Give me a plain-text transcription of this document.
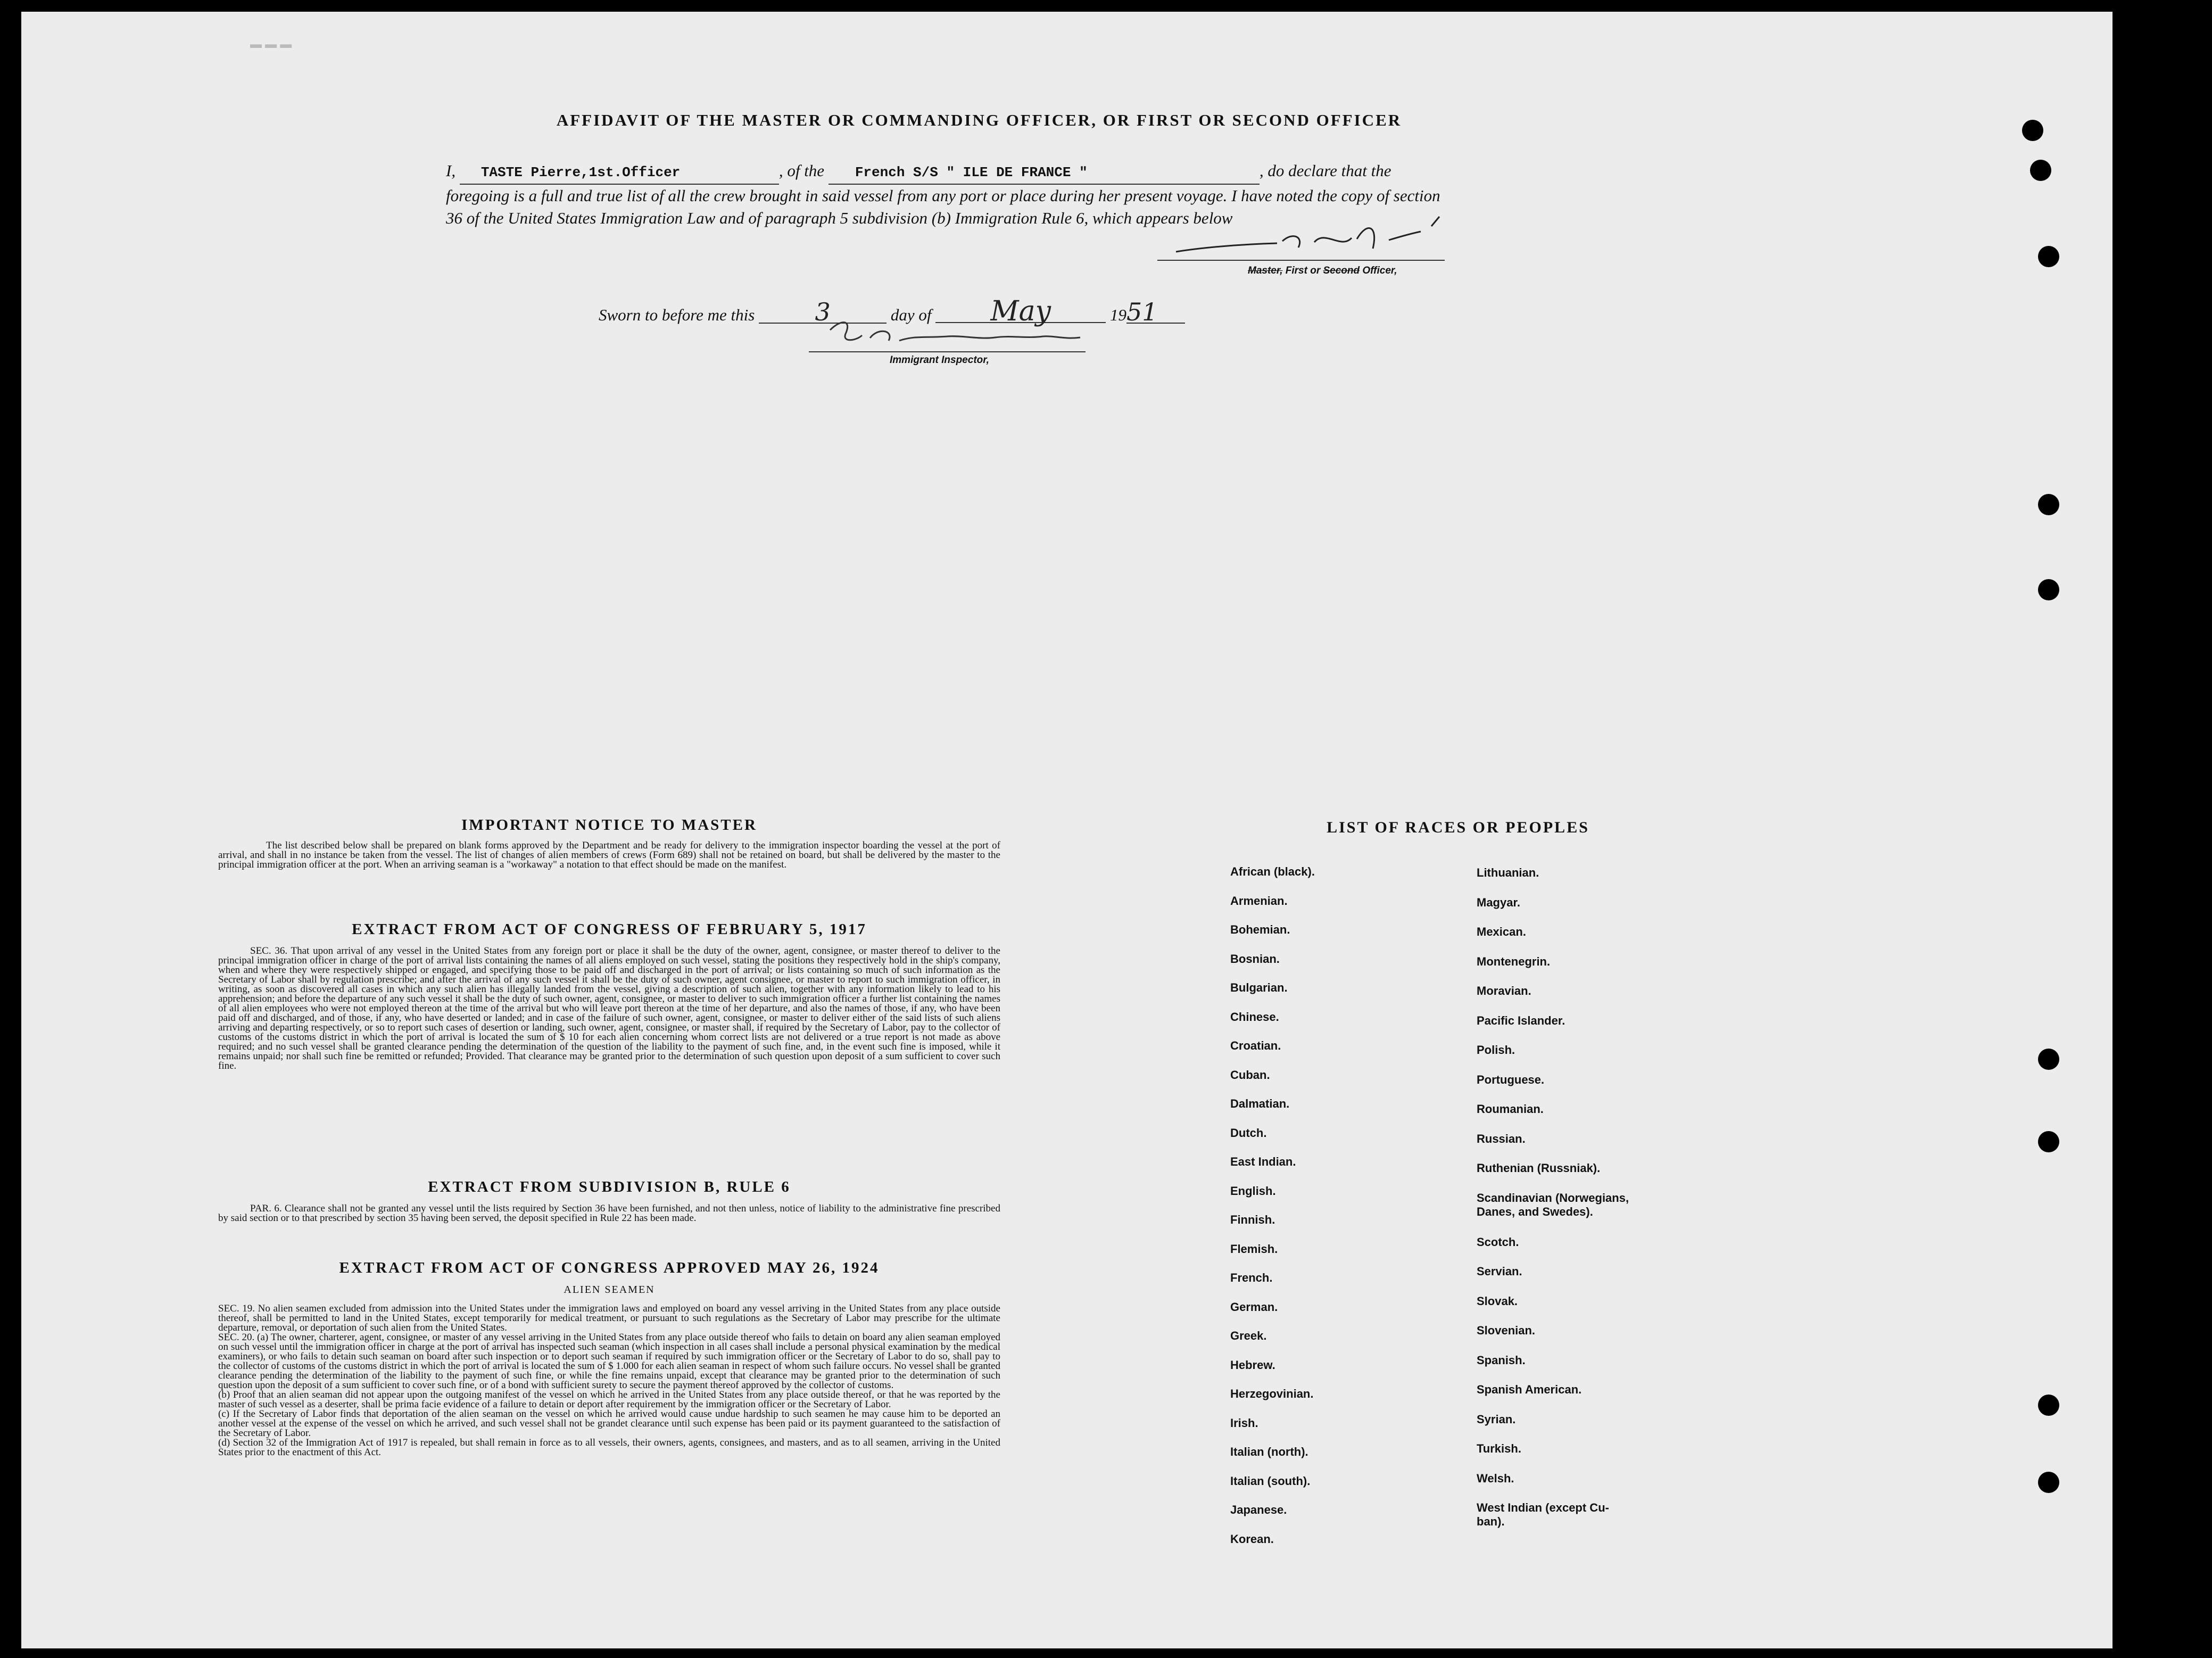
▬ ▬ ▬
AFFIDAVIT OF THE MASTER OR COMMANDING OFFICER, OR FIRST OR SECOND OFFICER
I, TASTE Pierre,1st.Officer	, of the French S/S " ILE DE FRANCE "	, do declare that the foregoing is a full and true list of all the crew brought in said vessel from any port or place during her present voyage. I have noted the copy of section 36 of the United States Immigration Law and of paragraph 5 subdivision (b) Immigration Rule 6, which appears below
Master, First or Second Officer,
Sworn to before me this 3	day of May	1951
Immigrant Inspector,
IMPORTANT NOTICE TO MASTER
The list described below shall be prepared on blank forms approved by the Department and be ready for delivery to the immigration inspector boarding the vessel at the port of arrival, and shall in no instance be taken from the vessel. The list of changes of alien members of crews (Form 689) shall not be retained on board, but shall be delivered by the master to the principal immigration officer at the port. When an arriving seaman is a "workaway" a notation to that effect should be made on the manifest.
EXTRACT FROM ACT OF CONGRESS OF FEBRUARY 5, 1917
SEC. 36. That upon arrival of any vessel in the United States from any foreign port or place it shall be the duty of the owner, agent, consignee, or master thereof to deliver to the principal immigration officer in charge of the port of arrival lists containing the names of all aliens employed on such vessel, stating the positions they respectively hold in the ship's company, when and where they were respectively shipped or engaged, and specifying those to be paid off and discharged in the port of arrival; or lists containing so much of such information as the Secretary of Labor shall by regulation prescribe; and after the arrival of any such vessel it shall be the duty of such owner, agent consignee, or master to report to such immigration officer, in writing, as soon as discovered all cases in which any such alien has illegally landed from the vessel, giving a description of such alien, together with any information likely to lead to his apprehension; and before the departure of any such vessel it shall be the duty of such owner, agent, consignee, or master to deliver to such immigration officer a further list containing the names of all alien employees who were not employed thereon at the time of the arrival but who will leave port thereon at the time of her departure, and also the names of those, if any, who have been paid off and discharged, and of those, if any, who have deserted or landed; and in case of the failure of such owner, agent, consignee, or master to deliver either of the said lists of such aliens arriving and departing respectively, or so to report such cases of desertion or landing, such owner, agent, consignee, or master shall, if required by the Secretary of Labor, pay to the collector of customs of the customs district in which the port of arrival is located the sum of $ 10 for each alien concerning whom correct lists are not delivered or a true report is not made as above required; and no such vessel shall be granted clearance pending the determination of the question of the liability to the payment of such fine, and, in the event such fine is imposed, while it remains unpaid; nor shall such fine be remitted or refunded; Provided. That clearance may be granted prior to the determination of such question upon deposit of a sum sufficient to cover such fine.
EXTRACT FROM SUBDIVISION B, RULE 6
PAR. 6. Clearance shall not be granted any vessel until the lists required by Section 36 have been furnished, and not then unless, notice of liability to the administrative fine prescribed by said section or to that prescribed by section 35 having been served, the deposit specified in Rule 22 has been made.
EXTRACT FROM ACT OF CONGRESS APPROVED MAY 26, 1924
ALIEN SEAMEN
SEC. 19. No alien seamen excluded from admission into the United States under the immigration laws and employed on board any vessel arriving in the United States from any place outside thereof, shall be permitted to land in the United States, except temporarily for medical treatment, or pursuant to such regulations as the Secretary of Labor may prescribe for the ultimate departure, removal, or deportation of such alien from the United States.
SEC. 20. (a) The owner, charterer, agent, consignee, or master of any vessel arriving in the United States from any place outside thereof who fails to detain on board any alien seaman employed on such vessel until the immigration officer in charge at the port of arrival has inspected such seaman (which inspection in all cases shall include a personal physical examination by the medical examiners), or who fails to detain such seaman on board after such inspection or to deport such seaman if required by such immigration officer or the Secretary of Labor to do so, shall pay to the collector of customs of the customs district in which the port of arrival is located the sum of $ 1.000 for each alien seaman in respect of whom such failure occurs. No vessel shall be granted clearance pending the determination of the liability to the payment of such fine, or while the fine remains unpaid, except that clearance may be granted prior to the determination of such question upon the deposit of a sum sufficient to cover such fine, or of a bond with sufficient surety to secure the payment thereof approved by the collector of customs.
(b) Proof that an alien seaman did not appear upon the outgoing manifest of the vessel on which he arrived in the United States from any place outside thereof, or that he was reported by the master of such vessel as a deserter, shall be prima facie evidence of a failure to detain or deport after requirement by the immigration officer or the Secretary of Labor.
(c) If the Secretary of Labor finds that deportation of the alien seaman on the vessel on which he arrived would cause undue hardship to such seamen he may cause him to be deported an another vessel at the expense of the vessel on which he arrived, and such vessel shall not be grandet clearance until such expense has been paid or its payment guaranteed to the satisfaction of the Secretary of Labor.
(d) Section 32 of the Immigration Act of 1917 is repealed, but shall remain in force as to all vessels, their owners, agents, consignees, and masters, and as to all seamen, arriving in the United States prior to the enactment of this Act.
LIST OF RACES OR PEOPLES
African (black).
Armenian.
Bohemian.
Bosnian.
Bulgarian.
Chinese.
Croatian.
Cuban.
Dalmatian.
Dutch.
East Indian.
English.
Finnish.
Flemish.
French.
German.
Greek.
Hebrew.
Herzegovinian.
Irish.
Italian (north).
Italian (south).
Japanese.
Korean.
Lithuanian.
Magyar.
Mexican.
Montenegrin.
Moravian.
Pacific Islander.
Polish.
Portuguese.
Roumanian.
Russian.
Ruthenian (Russniak).
Scandinavian (Norwegians,
Danes, and Swedes).
Scotch.
Servian.
Slovak.
Slovenian.
Spanish.
Spanish American.
Syrian.
Turkish.
Welsh.
West Indian (except Cu-
ban).
